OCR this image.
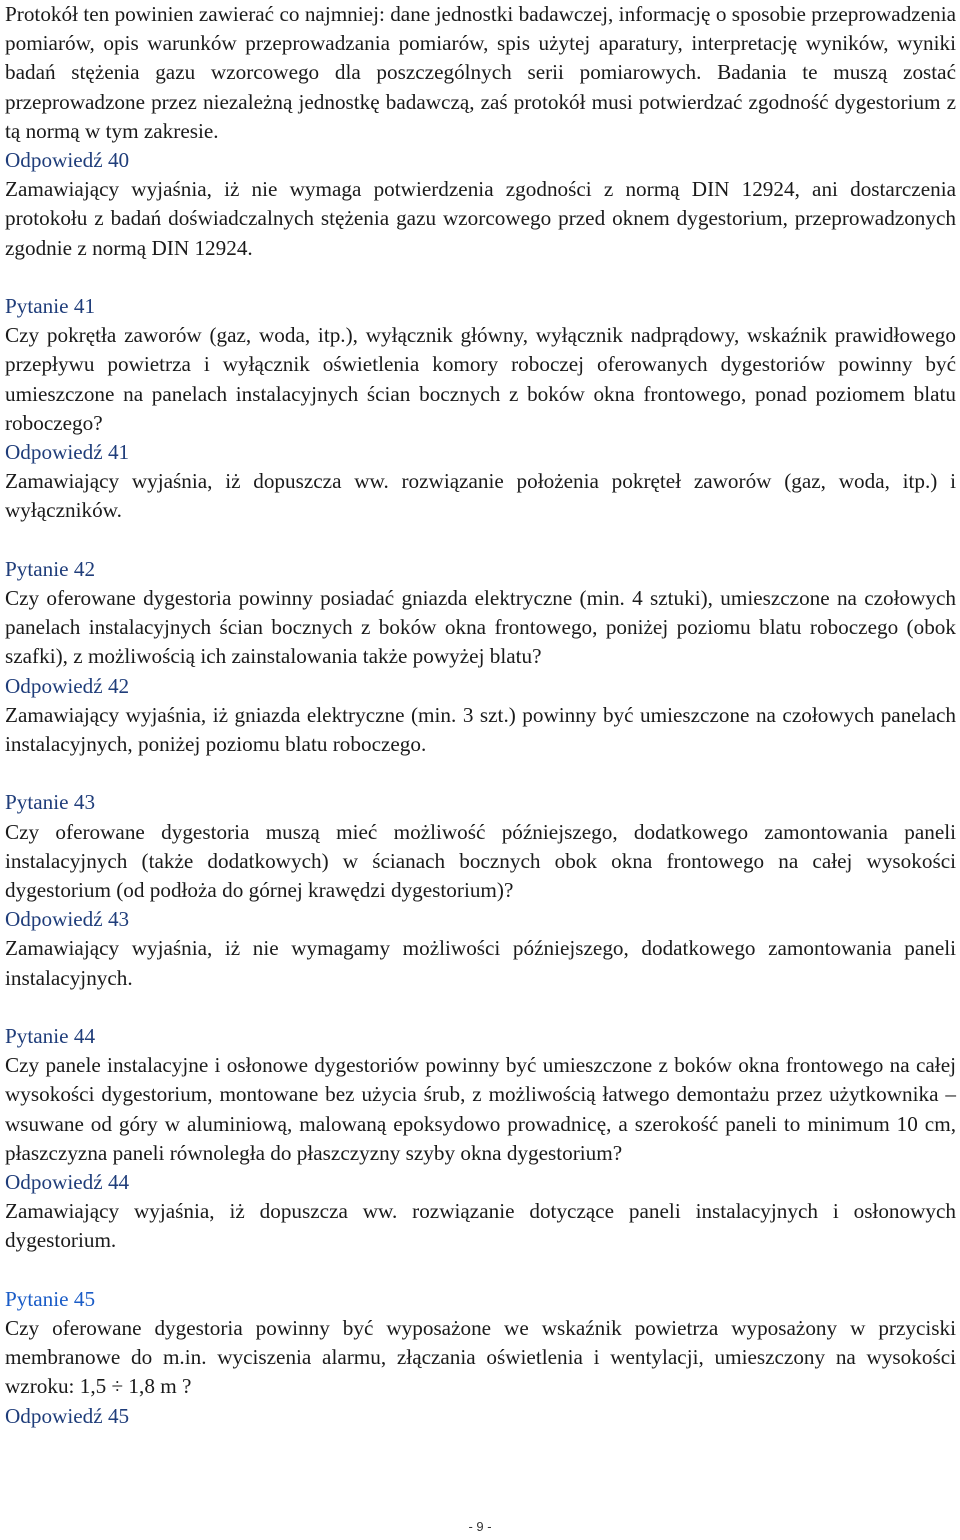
Protokół ten powinien zawierać co najmniej: dane jednostki badawczej, informację o sposobie przeprowadzenia pomiarów, opis warunków przeprowadzania pomiarów, spis użytej aparatury, interpretację wyników, wyniki badań stężenia gazu wzorcowego dla poszczególnych serii pomiarowych. Badania te muszą zostać przeprowadzone przez niezależną jednostkę badawczą, zaś protokół musi potwierdzać zgodność dygestorium z tą normą w tym zakresie.

Odpowiedź 40

Zamawiający wyjaśnia, iż nie wymaga potwierdzenia zgodności z normą DIN 12924, ani dostarczenia protokołu z badań doświadczalnych stężenia gazu wzorcowego przed oknem dygestorium, przeprowadzonych zgodnie z normą DIN 12924.

Pytanie 41

Czy pokrętła zaworów (gaz, woda, itp.), wyłącznik główny, wyłącznik nadprądowy, wskaźnik prawidłowego przepływu powietrza i wyłącznik oświetlenia komory roboczej oferowanych dygestoriów powinny być umieszczone na panelach instalacyjnych ścian bocznych z boków okna frontowego, ponad poziomem blatu roboczego?

Odpowiedź 41

Zamawiający wyjaśnia, iż dopuszcza ww. rozwiązanie położenia pokręteł zaworów (gaz, woda, itp.) i wyłączników.

Pytanie 42

Czy oferowane dygestoria powinny posiadać gniazda elektryczne (min. 4 sztuki), umieszczone na czołowych panelach instalacyjnych ścian bocznych z boków okna frontowego, poniżej poziomu blatu roboczego (obok szafki), z możliwością ich zainstalowania także powyżej blatu?

Odpowiedź 42

Zamawiający wyjaśnia, iż gniazda elektryczne (min. 3 szt.) powinny być umieszczone na czołowych panelach instalacyjnych, poniżej poziomu blatu roboczego.

Pytanie 43

Czy oferowane dygestoria muszą mieć możliwość późniejszego, dodatkowego zamontowania paneli instalacyjnych (także dodatkowych) w ścianach bocznych obok okna frontowego na całej wysokości dygestorium (od podłoża do górnej krawędzi dygestorium)?

Odpowiedź 43

Zamawiający wyjaśnia, iż nie wymagamy możliwości późniejszego, dodatkowego zamontowania paneli instalacyjnych.

Pytanie 44

Czy panele instalacyjne i osłonowe dygestoriów powinny być umieszczone z boków okna frontowego na całej wysokości dygestorium, montowane bez użycia śrub, z możliwością łatwego demontażu przez użytkownika – wsuwane od góry w aluminiową, malowaną epoksydowo prowadnicę, a szerokość paneli to minimum 10 cm, płaszczyzna paneli równoległa do płaszczyzny szyby okna dygestorium?

Odpowiedź 44

Zamawiający wyjaśnia, iż dopuszcza ww. rozwiązanie dotyczące paneli instalacyjnych i osłonowych dygestorium.

Pytanie 45

Czy oferowane dygestoria powinny być wyposażone we wskaźnik powietrza wyposażony w przyciski membranowe do m.in. wyciszenia alarmu, złączania oświetlenia i wentylacji, umieszczony na wysokości wzroku: 1,5 ÷ 1,8 m ?

Odpowiedź 45

- 9 -
